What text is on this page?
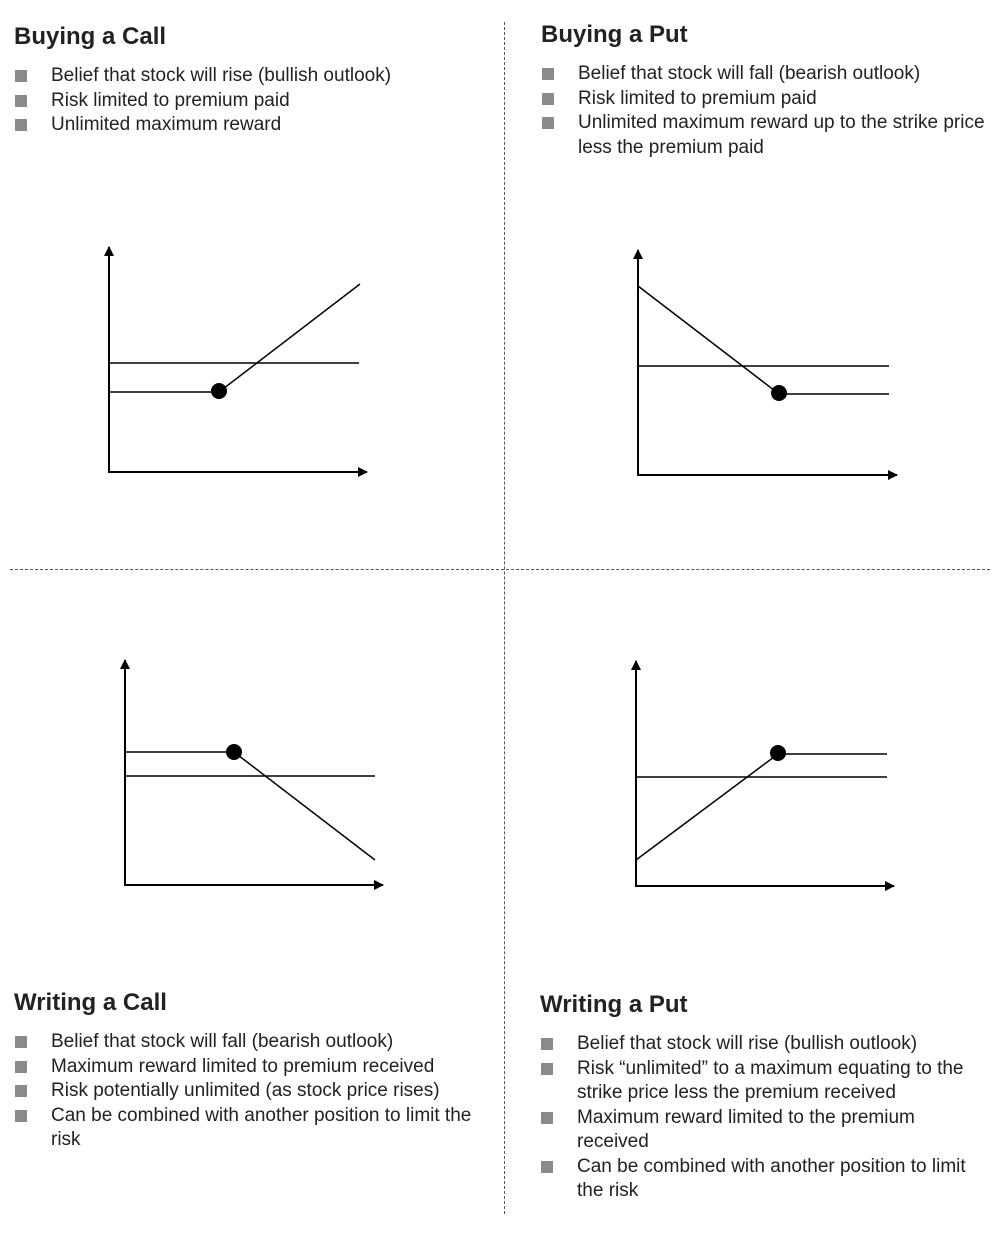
Buying a Call
Belief that stock will rise (bullish outlook)
Risk limited to premium paid
Unlimited maximum reward
Buying a Put
Belief that stock will fall (bearish outlook)
Risk limited to premium paid
Unlimited maximum reward up to the strike price less the premium paid
Writing a Call
Belief that stock will fall (bearish outlook)
Maximum reward limited to premium received
Risk potentially unlimited (as stock price rises)
Can be combined with another position to limit the risk
Writing a Put
Belief that stock will rise (bullish outlook)
Risk “unlimited” to a maximum equating to the strike price less the premium received
Maximum reward limited to the premium received
Can be combined with another position to limit the risk
